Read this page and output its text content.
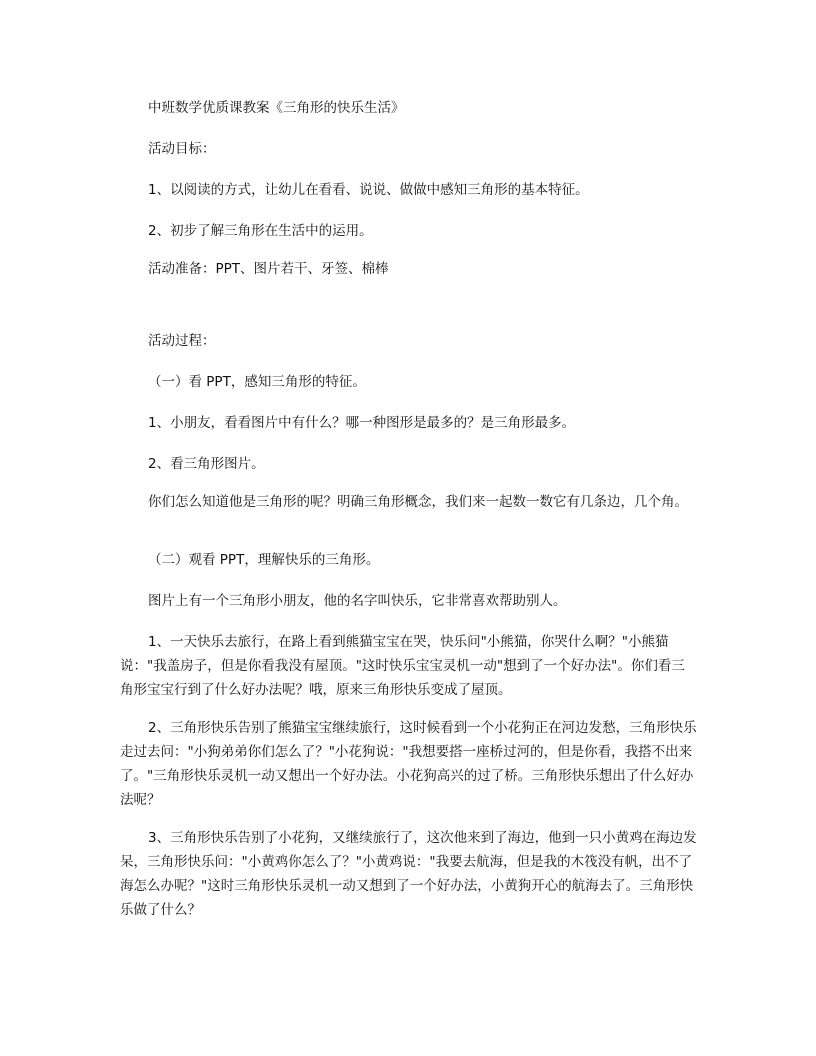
中班数学优质课教案《三角形的快乐生活》
活动目标：
1、以阅读的方式，让幼儿在看看、说说、做做中感知三角形的基本特征。
2、初步了解三角形在生活中的运用。
活动准备：PPT、图片若干、牙签、棉棒
活动过程：
（一）看 PPT，感知三角形的特征。
1、小朋友，看看图片中有什么？哪一种图形是最多的？是三角形最多。
2、看三角形图片。
你们怎么知道他是三角形的呢？明确三角形概念，我们来一起数一数它有几条边，几个角。
（二）观看 PPT，理解快乐的三角形。
图片上有一个三角形小朋友，他的名字叫快乐，它非常喜欢帮助别人。
1、一天快乐去旅行，在路上看到熊猫宝宝在哭，快乐问"小熊猫，你哭什么啊？"小熊猫说："我盖房子，但是你看我没有屋顶。"这时快乐宝宝灵机一动"想到了一个好办法"。你们看三角形宝宝行到了什么好办法呢？哦，原来三角形快乐变成了屋顶。
2、三角形快乐告别了熊猫宝宝继续旅行，这时候看到一个小花狗正在河边发愁，三角形快乐走过去问："小狗弟弟你们怎么了？"小花狗说："我想要搭一座桥过河的，但是你看，我搭不出来了。"三角形快乐灵机一动又想出一个好办法。小花狗高兴的过了桥。三角形快乐想出了什么好办法呢？
3、三角形快乐告别了小花狗，又继续旅行了，这次他来到了海边，他到一只小黄鸡在海边发呆，三角形快乐问："小黄鸡你怎么了？"小黄鸡说："我要去航海，但是我的木筏没有帆，出不了海怎么办呢？"这时三角形快乐灵机一动又想到了一个好办法，小黄狗开心的航海去了。三角形快乐做了什么？
